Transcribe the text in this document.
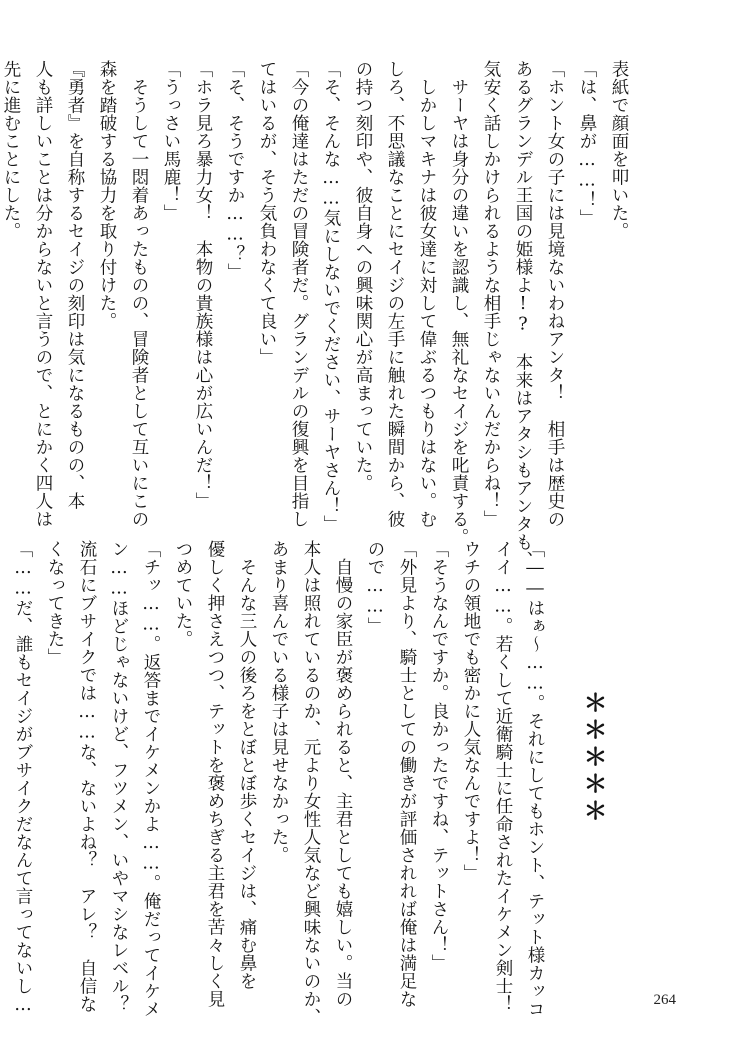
表紙で顔面を叩いた。

「は、鼻が……！」

「ホント女の子には見境ないわねアンタ！　相手は歴史の

あるグランデル王国の姫様よ!?　本来はアタシもアンタも、

気安く話しかけられるような相手じゃないんだからね！」

　サーヤは身分の違いを認識し、無礼なセイジを叱責する。

　しかしマキナは彼女達に対して偉ぶるつもりはない。む

しろ、不思議なことにセイジの左手に触れた瞬間から、彼

の持つ刻印や、彼自身への興味関心が高まっていた。

「そ、そんな……気にしないでください、サーヤさん！」

「今の俺達はただの冒険者だ。グランデルの復興を目指し

てはいるが、そう気負わなくて良い」

「そ、そうですか……？」

「ホラ見ろ暴力女！　本物の貴族様は心が広いんだ！」

「うっさい馬鹿！」

　そうして一悶着あったものの、冒険者として互いにこの

森を踏破する協力を取り付けた。

『勇者』を自称するセイジの刻印は気になるものの、本

人も詳しいことは分からないと言うので、とにかく四人は

先に進むことにした。

＊＊＊＊＊

「――はぁ～……。それにしてもホント、テット様カッコ

イイ……。若くして近衛騎士に任命されたイケメン剣士！

ウチの領地でも密かに人気なんですよ！」

「そうなんですか。良かったですね、テットさん！」

「外見より、騎士としての働きが評価されれば俺は満足な

ので……」

　自慢の家臣が褒められると、主君としても嬉しい。当の

本人は照れているのか、元より女性人気など興味ないのか、

あまり喜んでいる様子は見せなかった。

　そんな三人の後ろをとぼとぼ歩くセイジは、痛む鼻を

優しく押さえつつ、テットを褒めちぎる主君を苦々しく見

つめていた。

「チッ……。返答までイケメンかよ……。俺だってイケメ

ン……ほどじゃないけど、フツメン、いやマシなレベル？

流石にブサイクでは……な、ないよね？　アレ？　自信な

くなってきた」

「……だ、誰もセイジがブサイクだなんて言ってないし…	264
